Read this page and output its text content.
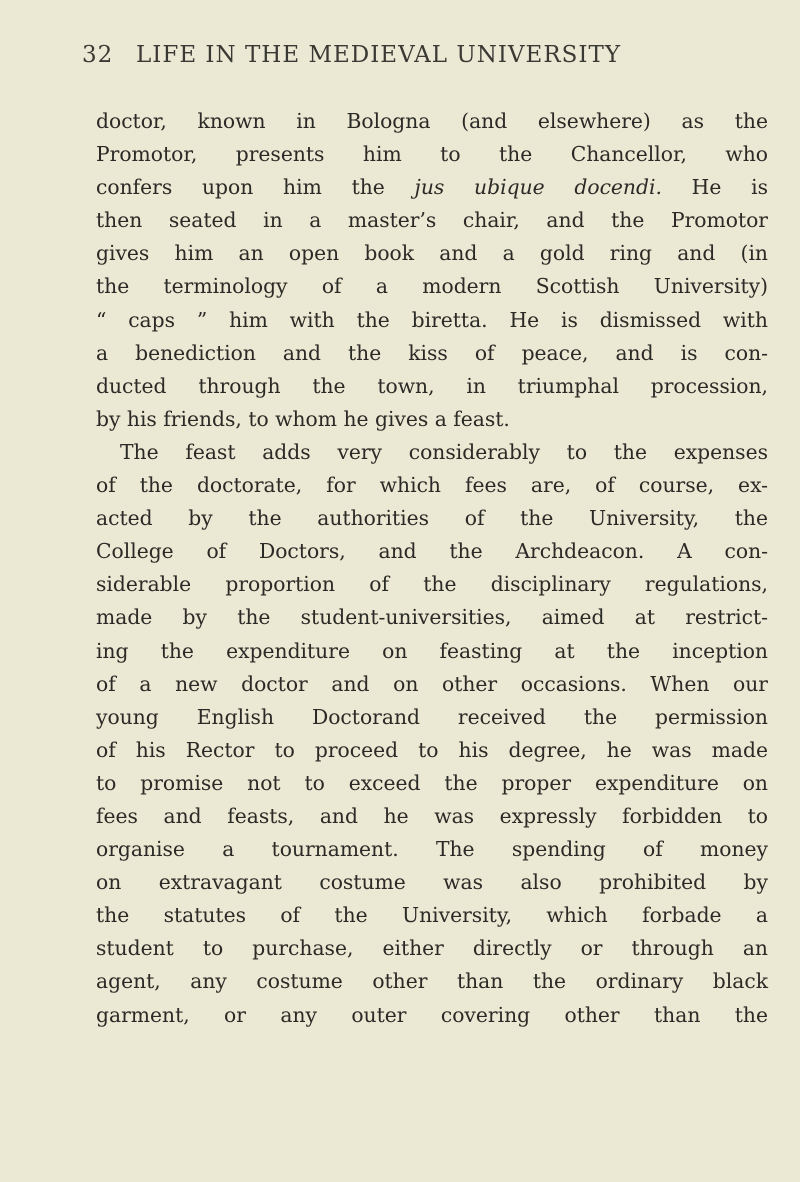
32 LIFE IN THE MEDIEVAL UNIVERSITY
doctor, known in Bologna (and elsewhere) as the
Promotor, presents him to the Chancellor, who
confers upon him the jus ubique docendi. He is
then seated in a master’s chair, and the Promotor
gives him an open book and a gold ring and (in
the terminology of a modern Scottish University)
“ caps ” him with the biretta. He is dismissed with
a benediction and the kiss of peace, and is con-
ducted through the town, in triumphal procession,
by his friends, to whom he gives a feast.
The feast adds very considerably to the expenses
of the doctorate, for which fees are, of course, ex-
acted by the authorities of the University, the
College of Doctors, and the Archdeacon. A con-
siderable proportion of the disciplinary regulations,
made by the student-universities, aimed at restrict-
ing the expenditure on feasting at the inception
of a new doctor and on other occasions. When our
young English Doctorand received the permission
of his Rector to proceed to his degree, he was made
to promise not to exceed the proper expenditure on
fees and feasts, and he was expressly forbidden to
organise a tournament. The spending of money
on extravagant costume was also prohibited by
the statutes of the University, which forbade a
student to purchase, either directly or through an
agent, any costume other than the ordinary black
garment, or any outer covering other than the
